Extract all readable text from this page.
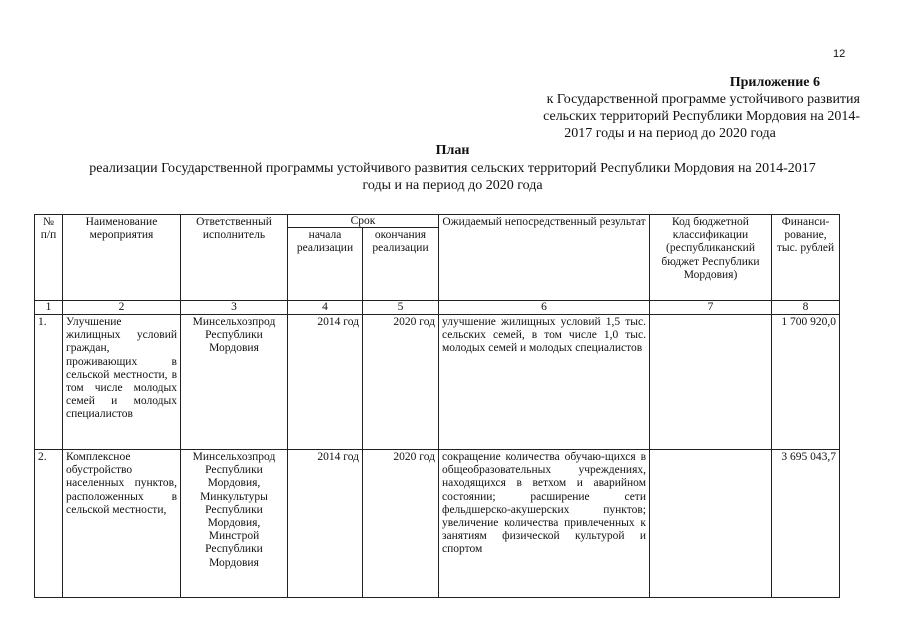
12
Приложение 6
к Государственной программе устойчивого развития
сельских территорий Республики Мордовия на 2014-
2017 годы и на период до 2020 года
План
реализации Государственной программы устойчивого развития сельских территорий Республики Мордовия на 2014-2017
годы и на период до 2020 года
№ п/п	Наименование мероприятия	Ответственный исполнитель	Срок		Ожидаемый непосредственный результат	Код бюджетной классификации (республиканский бюджет Республики Мордовия)	Финанси-рование, тыс. рублей
			начала реализации	окончания реализации			
1	2	3	4	5	6	7	8
1.	Улучшение жилищных условий граждан, проживающих в сельской местности, в том числе молодых семей и молодых специалистов	Минсельхозпрод Республики Мордовия	2014 год	2020 год	улучшение жилищных условий 1,5 тыс. сельских семей, в том числе 1,0 тыс. молодых семей и молодых специалистов		1 700 920,0
2.	Комплексное обустройство населенных пунктов, расположенных в сельской местности,	Минсельхозпрод Республики Мордовия, Минкультуры Республики Мордовия, Минстрой Республики Мордовия	2014 год	2020 год	сокращение количества обучаю-щихся в общеобразовательных учреждениях, находящихся в ветхом и аварийном состоянии; расширение сети фельдшерско-акушерских пунктов; увеличение количества привлеченных к занятиям физической культурой и спортом		3 695 043,7
